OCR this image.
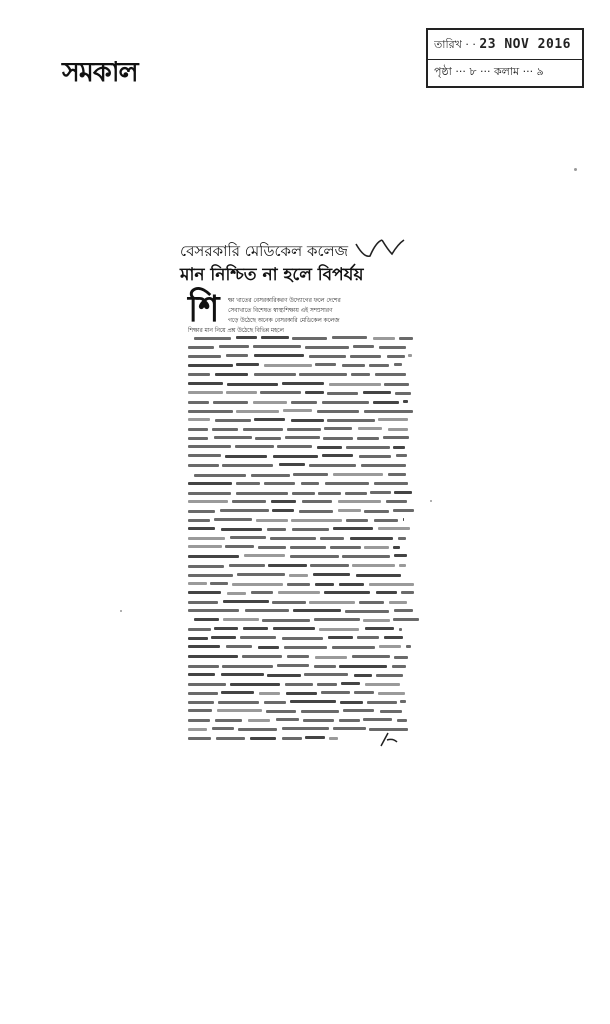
সমকাল
তারিখ · · 23 NOV 2016
পৃষ্ঠা ··· ৮ ··· কলাম ··· ৯
বেসরকারি মেডিকেল কলেজ
মান নিশ্চিত না হলে বিপর্যয়
শি	ক্ষা খাতের বেসরকারিকরণ উদ্যোগের ফলে দেশের
সেবাখাতে বিশেষত স্বাস্থ্যশিক্ষায় এই সম্প্রসারণ
গড়ে উঠেছে অনেক বেসরকারি মেডিকেল কলেজ
শিক্ষার মান নিয়ে প্রশ্ন উঠেছে বিভিন্ন মহলে
